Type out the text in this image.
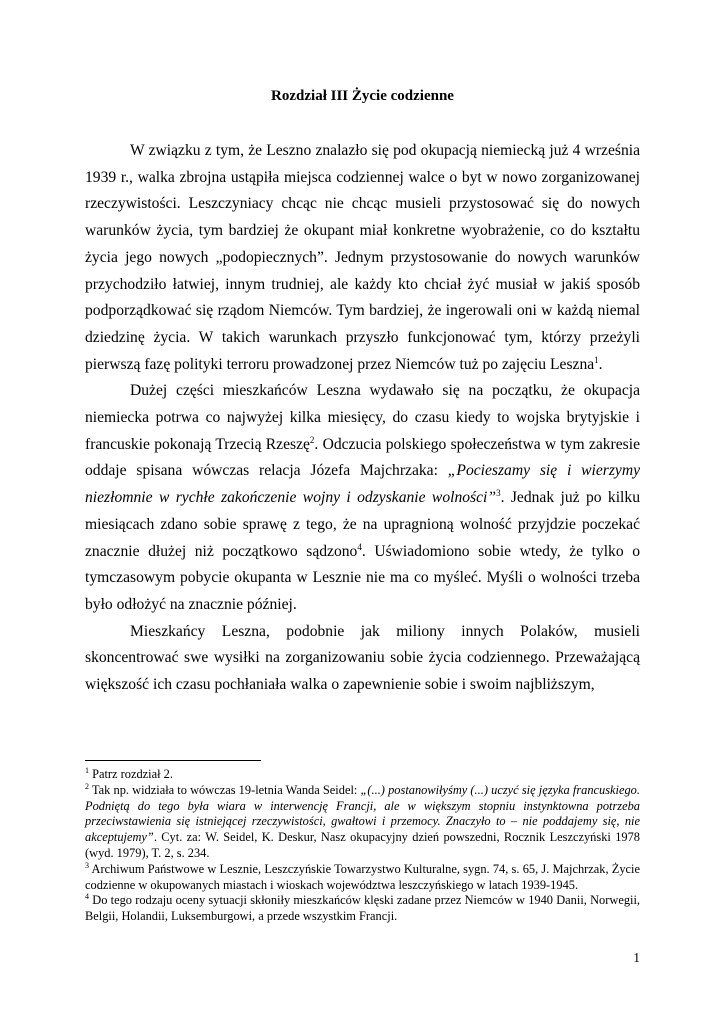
Rozdział III Życie codzienne

W związku z tym, że Leszno znalazło się pod okupacją niemiecką już 4 września 1939 r., walka zbrojna ustąpiła miejsca codziennej walce o byt w nowo zorganizowanej rzeczywistości. Leszczyniacy chcąc nie chcąc musieli przystosować się do nowych warunków życia, tym bardziej że okupant miał konkretne wyobrażenie, co do kształtu życia jego nowych „podopiecznych”. Jednym przystosowanie do nowych warunków przychodziło łatwiej, innym trudniej, ale każdy kto chciał żyć musiał w jakiś sposób podporządkować się rządom Niemców. Tym bardziej, że ingerowali oni w każdą niemal dziedzinę życia. W takich warunkach przyszło funkcjonować tym, którzy przeżyli pierwszą fazę polityki terroru prowadzonej przez Niemców tuż po zajęciu Leszna$^1$.

Dużej części mieszkańców Leszna wydawało się na początku, że okupacja niemiecka potrwa co najwyżej kilka miesięcy, do czasu kiedy to wojska brytyjskie i francuskie pokonają Trzecią Rzeszę$^2$. Odczucia polskiego społeczeństwa w tym zakresie oddaje spisana wówczas relacja Józefa Majchrzaka: „Pocieszamy się i wierzymy niezłomnie w rychłe zakończenie wojny i odzyskanie wolności”$^3$. Jednak już po kilku miesiącach zdano sobie sprawę z tego, że na upragnioną wolność przyjdzie poczekać znacznie dłużej niż początkowo sądzono$^4$. Uświadomiono sobie wtedy, że tylko o tymczasowym pobycie okupanta w Lesznie nie ma co myśleć. Myśli o wolności trzeba było odłożyć na znacznie później.

Mieszkańcy Leszna, podobnie jak miliony innych Polaków, musieli skoncentrować swe wysiłki na zorganizowaniu sobie życia codziennego. Przeważającą większość ich czasu pochłaniała walka o zapewnienie sobie i swoim najbliższym,

$^1$ Patrz rozdział 2.

$^2$ Tak np. widziała to wówczas 19-letnia Wanda Seidel: „(...) postanowiłyśmy (...) uczyć się języka francuskiego. Podniętą do tego była wiara w interwencję Francji, ale w większym stopniu instynktowna potrzeba przeciwstawienia się istniejącej rzeczywistości, gwałtowi i przemocy. Znaczyło to – nie poddajemy się, nie akceptujemy”. Cyt. za: W. Seidel, K. Deskur, Nasz okupacyjny dzień powszedni, Rocznik Leszczyński 1978 (wyd. 1979), T. 2, s. 234.

$^3$ Archiwum Państwowe w Lesznie, Leszczyńskie Towarzystwo Kulturalne, sygn. 74, s. 65, J. Majchrzak, Życie codzienne w okupowanych miastach i wioskach województwa leszczyńskiego w latach 1939-1945.

$^4$ Do tego rodzaju oceny sytuacji skłoniły mieszkańców klęski zadane przez Niemców w 1940 Danii, Norwegii, Belgii, Holandii, Luksemburgowi, a przede wszystkim Francji.

1
